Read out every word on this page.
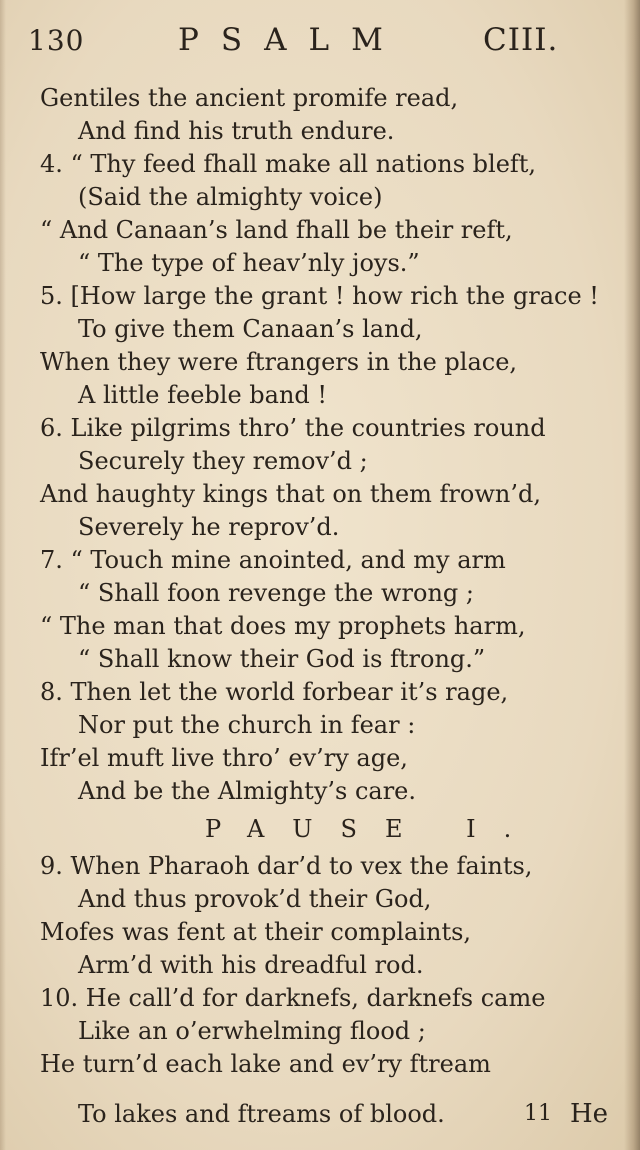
130	PSALM	CIII.
Gentiles the ancient promife read,
And find his truth endure.
4. “ Thy feed fhall make all nations bleft,
(Said the almighty voice)
“ And Canaan’s land fhall be their reft,
“ The type of heav’nly joys.”
5. [How large the grant ! how rich the grace !
To give them Canaan’s land,
When they were ftrangers in the place,
A little feeble band !
6. Like pilgrims thro’ the countries round
Securely they remov’d ;
And haughty kings that on them frown’d,
Severely he reprov’d.
7. “ Touch mine anointed, and my arm
“ Shall foon revenge the wrong ;
“ The man that does my prophets harm,
“ Shall know their God is ftrong.”
8. Then let the world forbear it’s rage,
Nor put the church in fear :
Ifr’el muft live thro’ ev’ry age,
And be the Almighty’s care.
PAUSE I.
9. When Pharaoh dar’d to vex the faints,
And thus provok’d their God,
Mofes was fent at their complaints,
Arm’d with his dreadful rod.
10. He call’d for darknefs, darknefs came
Like an o’erwhelming flood ;
He turn’d each lake and ev’ry ftream
To lakes and ftreams of blood.	11 He
